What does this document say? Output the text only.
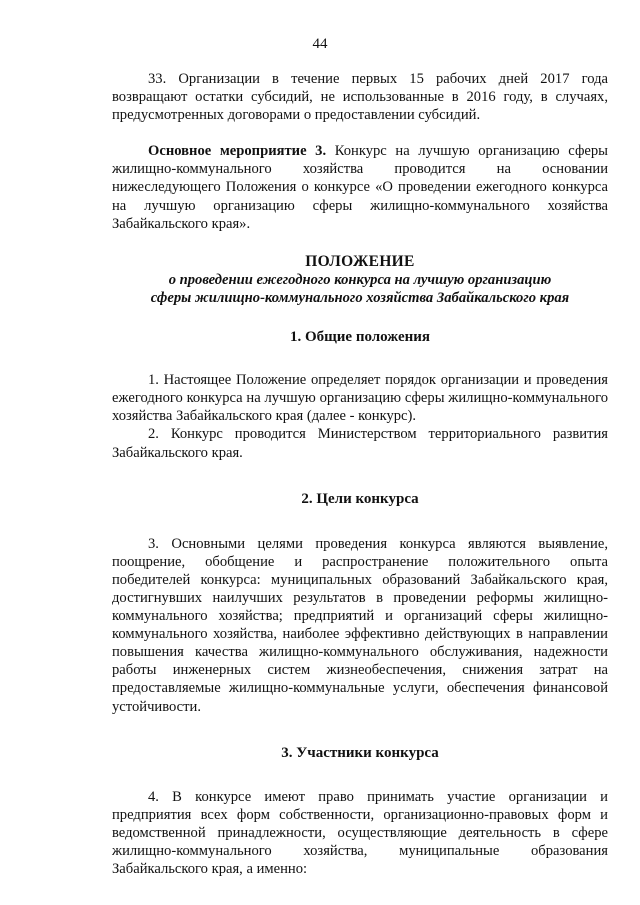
44

33. Организации в течение первых 15 рабочих дней 2017 года возвращают остатки субсидий, не использованные в 2016 году, в случаях, предусмотренных договорами о предоставлении субсидий.

Основное мероприятие 3. Конкурс на лучшую организацию сферы жилищно-коммунального хозяйства проводится на основании нижеследующего Положения о конкурсе «О проведении ежегодного конкурса на лучшую организацию сферы жилищно-коммунального хозяйства Забайкальского края».

ПОЛОЖЕНИЕ
о проведении ежегодного конкурса на лучшую организацию
сферы жилищно-коммунального хозяйства Забайкальского края
1. Общие положения

1. Настоящее Положение определяет порядок организации и проведения ежегодного конкурса на лучшую организацию сферы жилищно-коммунального хозяйства Забайкальского края (далее - конкурс).

2. Конкурс проводится Министерством территориального развития Забайкальского края.

2. Цели конкурса

3. Основными целями проведения конкурса являются выявление, поощрение, обобщение и распространение положительного опыта победителей конкурса: муниципальных образований Забайкальского края, достигнувших наилучших результатов в проведении реформы жилищно-коммунального хозяйства; предприятий и организаций сферы жилищно-коммунального хозяйства, наиболее эффективно действующих в направлении повышения качества жилищно-коммунального обслуживания, надежности работы инженерных систем жизнеобеспечения, снижения затрат на предоставляемые жилищно-коммунальные услуги, обеспечения финансовой устойчивости.

3. Участники конкурса

4. В конкурсе имеют право принимать участие организации и предприятия всех форм собственности, организационно-правовых форм и ведомственной принадлежности, осуществляющие деятельность в сфере жилищно-коммунального хозяйства, муниципальные образования Забайкальского края, а именно:
